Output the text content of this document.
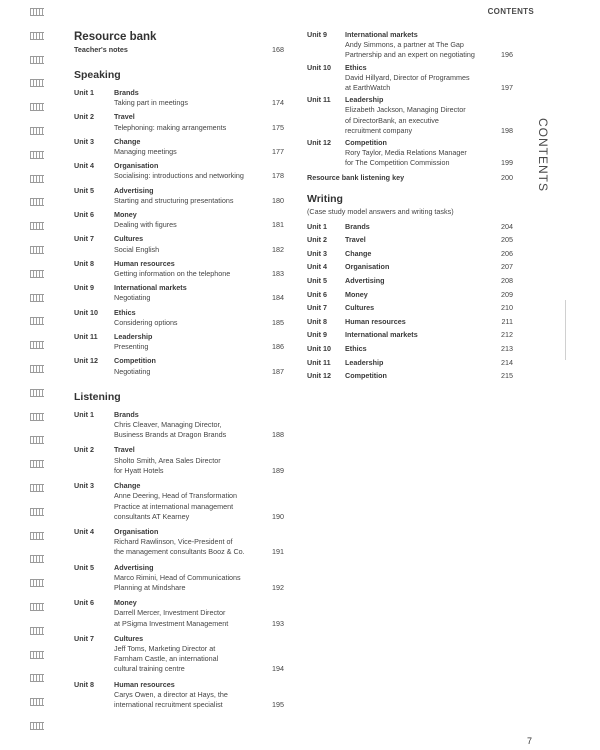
CONTENTS
CONTENTS
7
Resource bank
Teacher's notes	168
Speaking
Unit 1	Brands
Taking part in meetings	174
Unit 2	Travel
Telephoning: making arrangements	175
Unit 3	Change
Managing meetings	177
Unit 4	Organisation
Socialising: introductions and networking	178
Unit 5	Advertising
Starting and structuring presentations	180
Unit 6	Money
Dealing with figures	181
Unit 7	Cultures
Social English	182
Unit 8	Human resources
Getting information on the telephone	183
Unit 9	International markets
Negotiating	184
Unit 10	Ethics
Considering options	185
Unit 11	Leadership
Presenting	186
Unit 12	Competition
Negotiating	187
Listening
Unit 1	Brands
Chris Cleaver, Managing Director,
Business Brands at Dragon Brands	188
Unit 2	Travel
Sholto Smith, Area Sales Director
for Hyatt Hotels	189
Unit 3	Change
Anne Deering, Head of Transformation
Practice at international management
consultants AT Kearney	190
Unit 4	Organisation
Richard Rawlinson, Vice-President of
the management consultants Booz & Co.	191
Unit 5	Advertising
Marco Rimini, Head of Communications
Planning at Mindshare	192
Unit 6	Money
Darrell Mercer, Investment Director
at PSigma Investment Management	193
Unit 7	Cultures
Jeff Toms, Marketing Director at
Farnham Castle, an international
cultural training centre	194
Unit 8	Human resources
Carys Owen, a director at Hays, the
international recruitment specialist	195
Unit 9	International markets
Andy Simmons, a partner at The Gap
Partnership and an expert on negotiating	196
Unit 10	Ethics
David Hillyard, Director of Programmes
at EarthWatch	197
Unit 11	Leadership
Elizabeth Jackson, Managing Director
of DirectorBank, an executive
recruitment company	198
Unit 12	Competition
Rory Taylor, Media Relations Manager
for The Competition Commission	199
Resource bank listening key	200
Writing
(Case study model answers and writing tasks)
Unit 1	Brands	204
Unit 2	Travel	205
Unit 3	Change	206
Unit 4	Organisation	207
Unit 5	Advertising	208
Unit 6	Money	209
Unit 7	Cultures	210
Unit 8	Human resources	211
Unit 9	International markets	212
Unit 10 Ethics	213
Unit 11 Leadership	214
Unit 12 Competition	215
